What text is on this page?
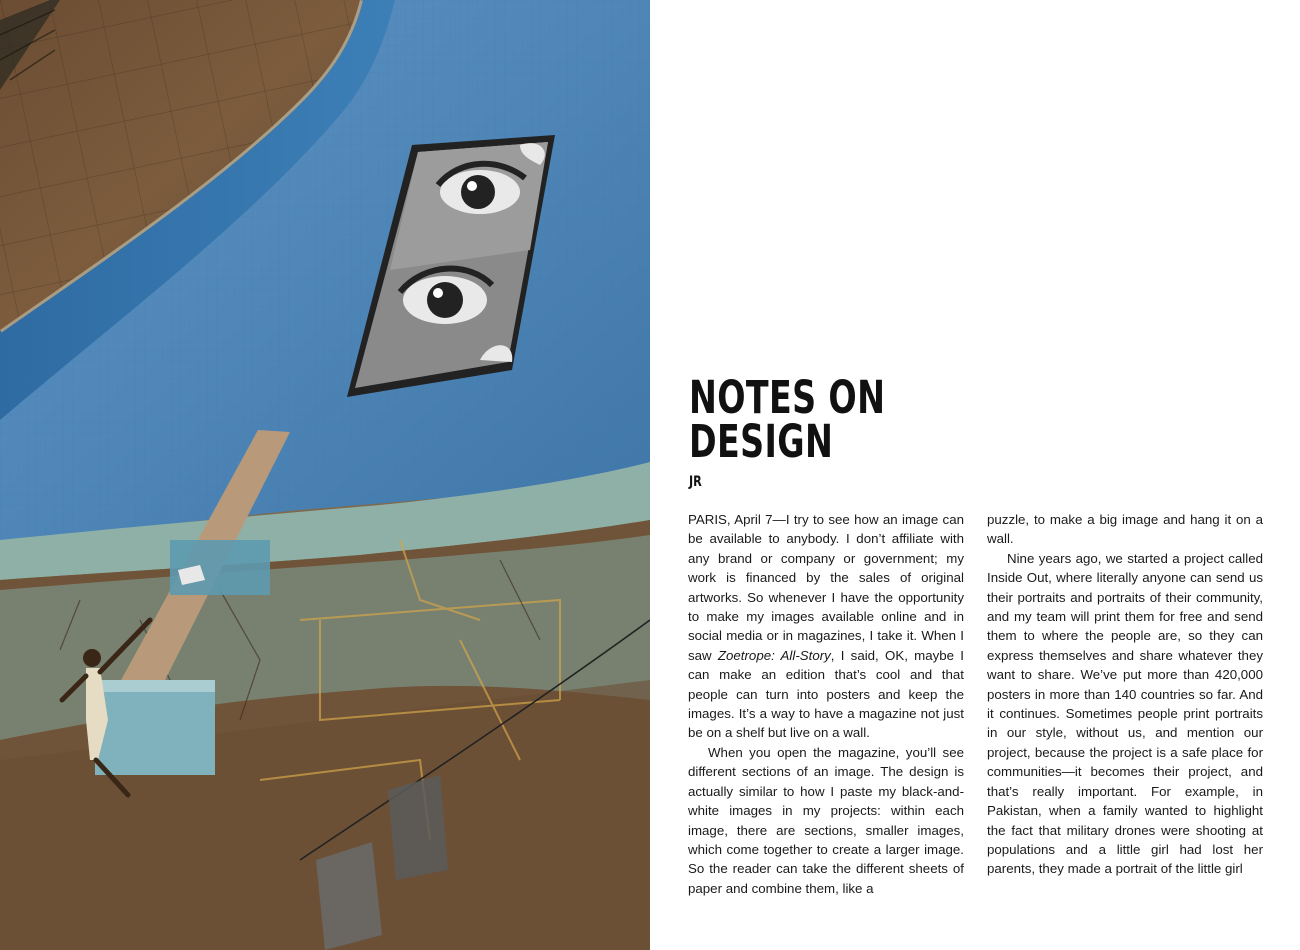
NOTES ON
DESIGN
JR

PARIS, April 7—I try to see how an image can be available to anybody. I don’t affiliate with any brand or company or government; my work is financed by the sales of original artworks. So whenever I have the opportunity to make my images available online and in social media or in magazines, I take it. When I saw Zoetrope: All-Story, I said, OK, maybe I can make an edition that’s cool and that people can turn into posters and keep the images. It’s a way to have a magazine not just be on a shelf but live on a wall.

When you open the magazine, you’ll see different sections of an image. The design is actually similar to how I paste my black-and-white images in my projects: within each image, there are sections, smaller images, which come together to create a larger image. So the reader can take the different sheets of paper and combine them, like a

puzzle, to make a big image and hang it on a wall.

Nine years ago, we started a project called Inside Out, where literally anyone can send us their portraits and portraits of their community, and my team will print them for free and send them to where the people are, so they can express themselves and share whatever they want to share. We’ve put more than 420,000 posters in more than 140 countries so far. And it continues. Sometimes people print portraits in our style, without us, and mention our project, because the project is a safe place for communities—it becomes their project, and that’s really important. For example, in Pakistan, when a family wanted to highlight the fact that military drones were shooting at populations and a little girl had lost her parents, they made a portrait of the little girl
